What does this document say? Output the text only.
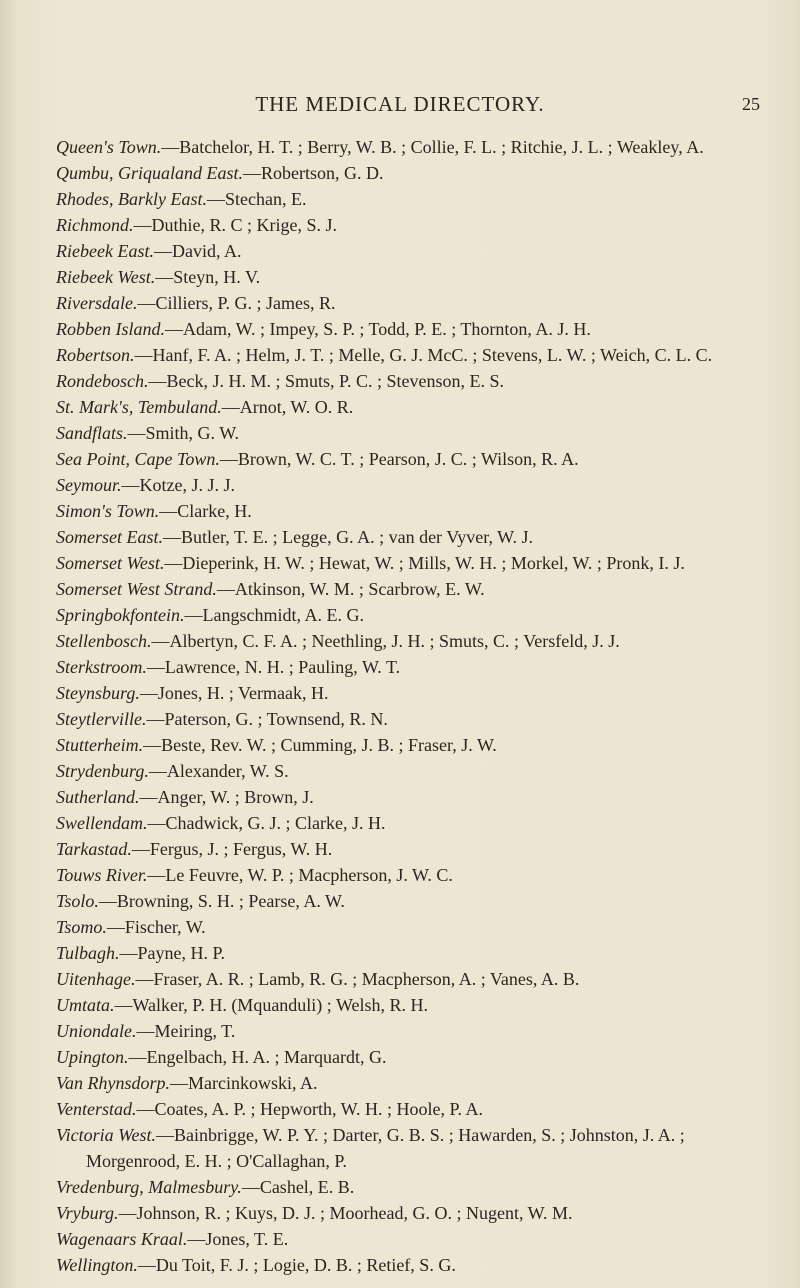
THE MEDICAL DIRECTORY.	25

Queen's Town.—Batchelor, H. T. ; Berry, W. B. ; Collie, F. L. ; Ritchie, J. L. ; Weakley, A.

Qumbu, Griqualand East.—Robertson, G. D.

Rhodes, Barkly East.—Stechan, E.

Richmond.—Duthie, R. C ; Krige, S. J.

Riebeek East.—David, A.

Riebeek West.—Steyn, H. V.

Riversdale.—Cilliers, P. G. ; James, R.

Robben Island.—Adam, W. ; Impey, S. P. ; Todd, P. E. ; Thornton, A. J. H.

Robertson.—Hanf, F. A. ; Helm, J. T. ; Melle, G. J. McC. ; Stevens, L. W. ; Weich, C. L. C.

Rondebosch.—Beck, J. H. M. ; Smuts, P. C. ; Stevenson, E. S.

St. Mark's, Tembuland.—Arnot, W. O. R.

Sandflats.—Smith, G. W.

Sea Point, Cape Town.—Brown, W. C. T. ; Pearson, J. C. ; Wilson, R. A.

Seymour.—Kotze, J. J. J.

Simon's Town.—Clarke, H.

Somerset East.—Butler, T. E. ; Legge, G. A. ; van der Vyver, W. J.

Somerset West.—Dieperink, H. W. ; Hewat, W. ; Mills, W. H. ; Morkel, W. ; Pronk, I. J.

Somerset West Strand.—Atkinson, W. M. ; Scarbrow, E. W.

Springbokfontein.—Langschmidt, A. E. G.

Stellenbosch.—Albertyn, C. F. A. ; Neethling, J. H. ; Smuts, C. ; Versfeld, J. J.

Sterkstroom.—Lawrence, N. H. ; Pauling, W. T.

Steynsburg.—Jones, H. ; Vermaak, H.

Steytlerville.—Paterson, G. ; Townsend, R. N.

Stutterheim.—Beste, Rev. W. ; Cumming, J. B. ; Fraser, J. W.

Strydenburg.—Alexander, W. S.

Sutherland.—Anger, W. ; Brown, J.

Swellendam.—Chadwick, G. J. ; Clarke, J. H.

Tarkastad.—Fergus, J. ; Fergus, W. H.

Touws River.—Le Feuvre, W. P. ; Macpherson, J. W. C.

Tsolo.—Browning, S. H. ; Pearse, A. W.

Tsomo.—Fischer, W.

Tulbagh.—Payne, H. P.

Uitenhage.—Fraser, A. R. ; Lamb, R. G. ; Macpherson, A. ; Vanes, A. B.

Umtata.—Walker, P. H. (Mquanduli) ; Welsh, R. H.

Uniondale.—Meiring, T.

Upington.—Engelbach, H. A. ; Marquardt, G.

Van Rhynsdorp.—Marcinkowski, A.

Venterstad.—Coates, A. P. ; Hepworth, W. H. ; Hoole, P. A.

Victoria West.—Bainbrigge, W. P. Y. ; Darter, G. B. S. ; Hawarden, S. ; Johnston, J. A. ; Morgenrood, E. H. ; O'Callaghan, P.

Vredenburg, Malmesbury.—Cashel, E. B.

Vryburg.—Johnson, R. ; Kuys, D. J. ; Moorhead, G. O. ; Nugent, W. M.

Wagenaars Kraal.—Jones, T. E.

Wellington.—Du Toit, F. J. ; Logie, D. B. ; Retief, S. G.
